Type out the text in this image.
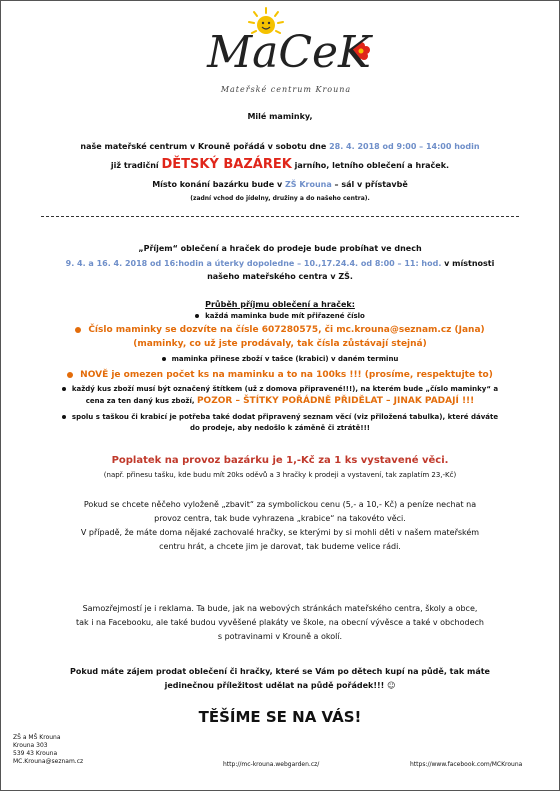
MaCeK
Mateřské centrum Krouna
Milé maminky,
naše mateřské centrum v Krouně pořádá v sobotu dne 28. 4. 2018 od 9:00 – 14:00 hodin
již tradiční DĚTSKÝ BAZÁREK jarního, letního oblečení a hraček.
Místo konání bazárku bude v ZŠ Krouna – sál v přístavbě
(zadní vchod do jídelny, družiny a do našeho centra).
„Příjem“ oblečení a hraček do prodeje bude probíhat ve dnech
9. 4. a 16. 4. 2018 od 16:hodin a úterky dopoledne – 10.,17.24.4. od 8:00 – 11: hod. v místnosti
našeho mateřského centra v ZŠ.
Průběh příjmu oblečení a hraček:
každá maminka bude mít přiřazené číslo
Číslo maminky se dozvíte na čísle 607280575, či mc.krouna@seznam.cz (Jana)
(maminky, co už jste prodávaly, tak čísla zůstávají stejná)
maminka přinese zboží v tašce (krabici) v daném terminu
NOVĚ je omezen počet ks na maminku a to na 100ks !!! (prosíme, respektujte to)
každý kus zboží musí být označený štítkem (už z domova připravené!!!), na kterém bude „číslo maminky“ a
cena za ten daný kus zboží, POZOR – ŠTÍTKY POŘÁDNĚ PŘIDĚLAT – JINAK PADAJÍ !!!
spolu s taškou či krabicí je potřeba také dodat připravený seznam věcí (viz přiložená tabulka), které dáváte
do prodeje, aby nedošlo k záměně či ztrátě!!!
Poplatek na provoz bazárku je 1,-Kč za 1 ks vystavené věci.
(např. přinesu tašku, kde budu mít 20ks oděvů a 3 hračky k prodeji a vystavení, tak zaplatím 23,-Kč)
Pokud se chcete něčeho vyloženě „zbavit“ za symbolickou cenu (5,- a 10,- Kč) a peníze nechat na
provoz centra, tak bude vyhrazena „krabice“ na takovéto věci.
V případě, že máte doma nějaké zachovalé hračky, se kterými by si mohli děti v našem mateřském
centru hrát, a chcete jim je darovat, tak budeme velice rádi.
Samozřejmostí je i reklama. Ta bude, jak na webových stránkách mateřského centra, školy a obce,
tak i na Facebooku, ale také budou vyvěšené plakáty ve škole, na obecní vývěsce a také v obchodech
s potravinami v Krouně a okolí.
Pokud máte zájem prodat oblečení či hračky, které se Vám po dětech kupí na půdě, tak máte
jedinečnou příležitost udělat na půdě pořádek!!! ☺
TĚŠÍME SE NA VÁS!
ZŠ a MŠ Krouna
Krouna 303
539 43 Krouna
MC.Krouna@seznam.cz	http://mc-krouna.webgarden.cz/	https://www.facebook.com/MCKrouna
